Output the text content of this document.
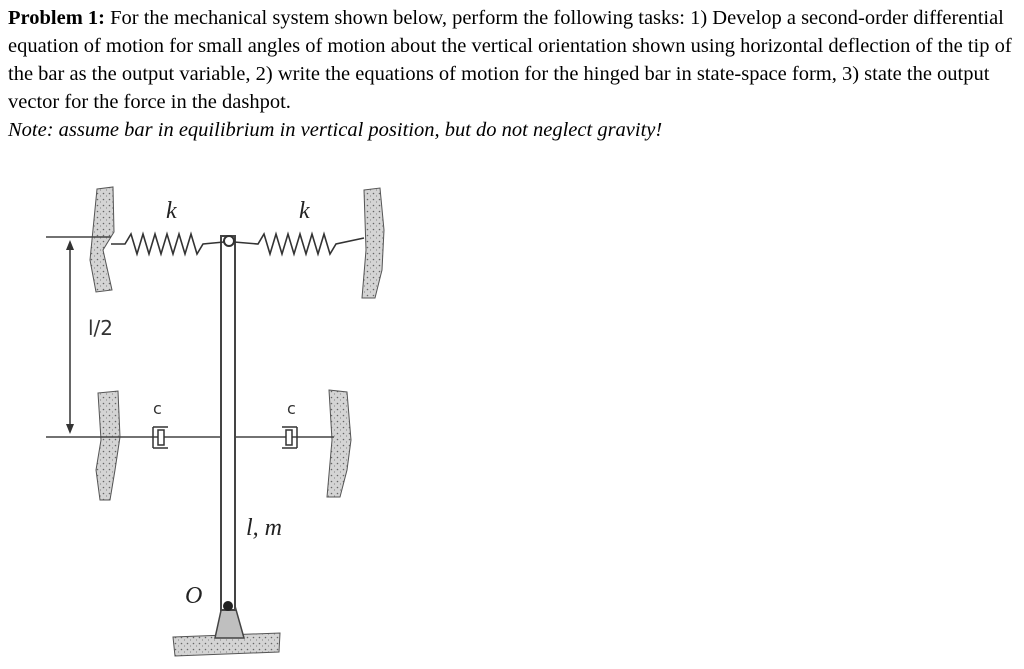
Problem 1: For the mechanical system shown below, perform the following tasks: 1) Develop a second-order differential equation of motion for small angles of motion about the vertical orientation shown using horizontal deflection of the tip of the bar as the output variable, 2) write the equations of motion for the hinged bar in state-space form, 3) state the output vector for the force in the dashpot.
Note: assume bar in equilibrium in vertical position, but do not neglect gravity!
k	k
l/2
c	c
l, m
O
